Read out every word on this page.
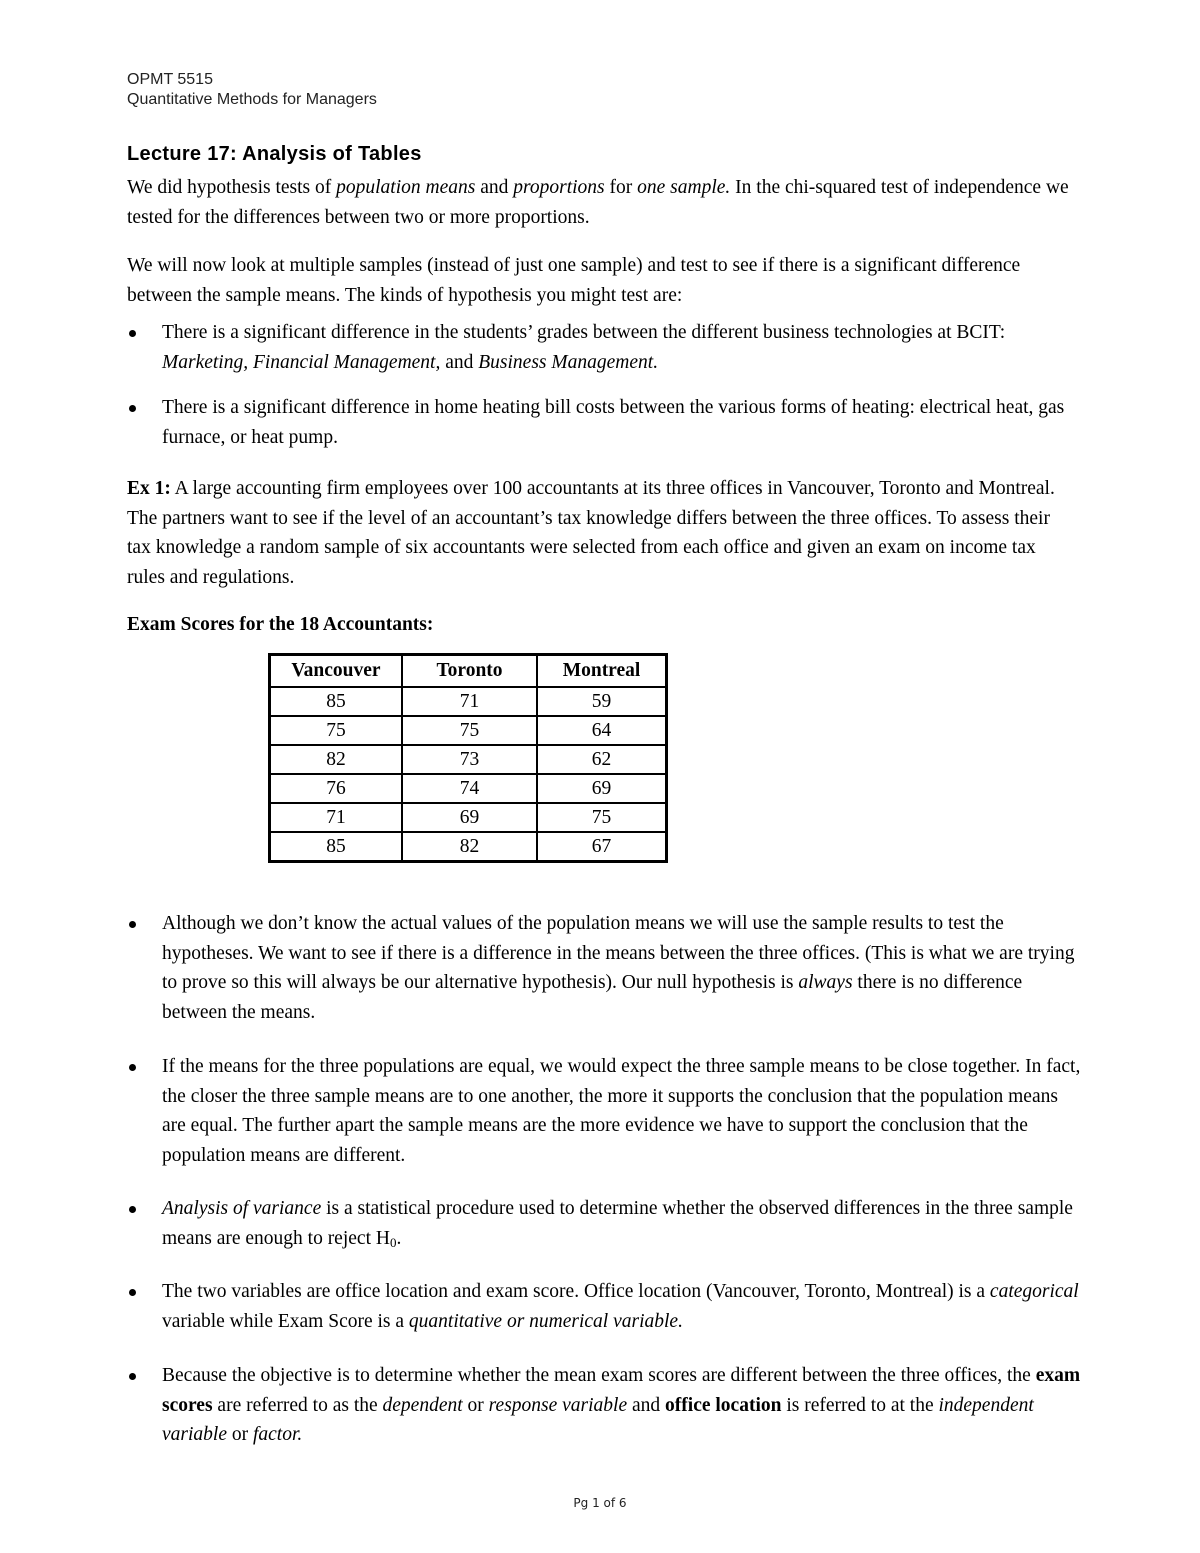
OPMT 5515
Quantitative Methods for Managers
Lecture 17: Analysis of Tables
We did hypothesis tests of population means and proportions for one sample. In the chi-squared test of independence we tested for the differences between two or more proportions.
We will now look at multiple samples (instead of just one sample) and test to see if there is a significant difference between the sample means. The kinds of hypothesis you might test are:
There is a significant difference in the students’ grades between the different business technologies at BCIT: Marketing, Financial Management, and Business Management.
There is a significant difference in home heating bill costs between the various forms of heating: electrical heat, gas furnace, or heat pump.
Ex 1: A large accounting firm employees over 100 accountants at its three offices in Vancouver, Toronto and Montreal. The partners want to see if the level of an accountant’s tax knowledge differs between the three offices. To assess their tax knowledge a random sample of six accountants were selected from each office and given an exam on income tax rules and regulations.
Exam Scores for the 18 Accountants:
Vancouver	Toronto	Montreal
85	71	59
75	75	64
82	73	62
76	74	69
71	69	75
85	82	67
Although we don’t know the actual values of the population means we will use the sample results to test the hypotheses. We want to see if there is a difference in the means between the three offices. (This is what we are trying to prove so this will always be our alternative hypothesis). Our null hypothesis is always there is no difference between the means.
If the means for the three populations are equal, we would expect the three sample means to be close together. In fact, the closer the three sample means are to one another, the more it supports the conclusion that the population means are equal. The further apart the sample means are the more evidence we have to support the conclusion that the population means are different.
Analysis of variance is a statistical procedure used to determine whether the observed differences in the three sample means are enough to reject $H_0$.
The two variables are office location and exam score. Office location (Vancouver, Toronto, Montreal) is a categorical variable while Exam Score is a quantitative or numerical variable.
Because the objective is to determine whether the mean exam scores are different between the three offices, the exam scores are referred to as the dependent or response variable and office location is referred to at the independent variable or factor.
Pg 1 of 6
